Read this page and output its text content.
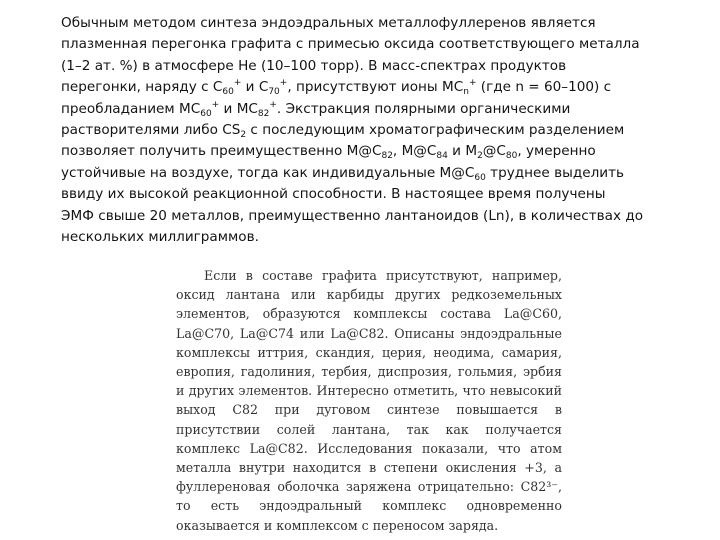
Обычным методом синтеза эндоэдральных металлофуллеренов является
плазменная перегонка графита с примесью оксида соответствующего металла
(1–2 ат. %) в атмосфере He (10–100 торр). В масс-спектрах продуктов
перегонки, наряду с $C_{60}^+$ и $C_{70}^+$, присутствуют ионы $MC_n^+$ (где n = 60–100) с
преобладанием $MC_{60}^+$ и $MC_{82}^+$. Экстракция полярными органическими
растворителями либо $CS_2$ с последующим хроматографическим разделением
позволяет получить преимущественно $M@C_{82}$, $M@C_{84}$ и $M_2@C_{80}$, умеренно
устойчивые на воздухе, тогда как индивидуальные $M@C_{60}$ труднее выделить
ввиду их высокой реакционной способности. В настоящее время получены
ЭМФ свыше 20 металлов, преимущественно лантаноидов (Ln), в количествах до
нескольких миллиграммов.

Если в составе графита присутствуют, например, оксид лантана или карбиды других редкоземельных элементов, образуются комплексы состава La@C60, La@C70, La@C74 или La@C82. Описаны эндоэдральные комплексы иттрия, скандия, церия, неодима, самария, европия, гадолиния, тербия, диспрозия, гольмия, эрбия и других элементов. Интересно отметить, что невысокий выход C82 при дуговом синтезе повышается в присутствии солей лантана, так как получается комплекс La@C82. Исследования показали, что атом металла внутри находится в степени окисления +3, а фуллереновая оболочка заряжена отрицательно: C82³⁻, то есть эндоэдральный комплекс одновременно оказывается и комплексом с переносом заряда.
